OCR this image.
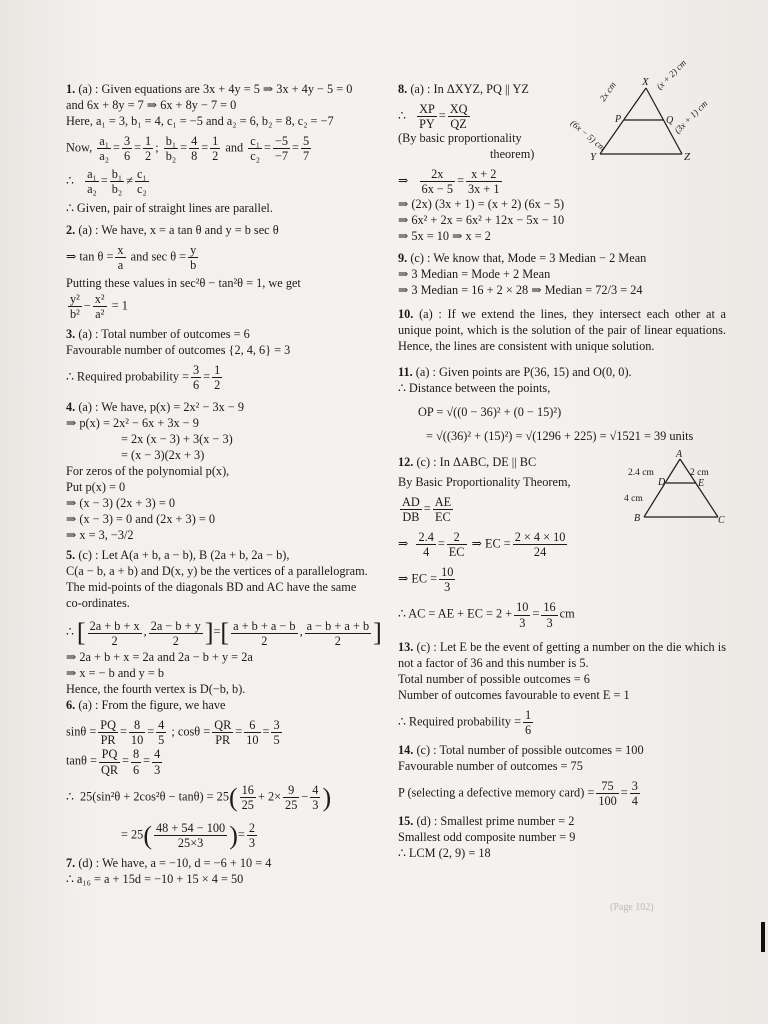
1. (a) : Given equations are 3x + 4y = 5 ⇒ 3x + 4y − 5 = 0
and 6x + 8y = 7 ⇒ 6x + 8y − 7 = 0
Here, a₁ = 3, b₁ = 4, c₁ = −5 and a₂ = 6, b₂ = 8, c₂ = −7
Now, $\frac{\text{a₁}}{\text{a₂}} = \frac{3}{6} = \frac{1}{2}$ ; $\frac{\text{b₁}}{\text{b₂}} = \frac{4}{8} = \frac{1}{2}$ and $\frac{\text{c₁}}{\text{c₂}} = \frac{-5}{-7} = \frac{5}{7}$
∴ $\frac{\text{a₁}}{\text{a₂}} = \frac{\text{b₁}}{\text{b₂}} \ne \frac{\text{c₁}}{\text{c₂}}$
∴ Given, pair of straight lines are parallel.
2. (a) : We have, x = a tan θ and y = b sec θ
⇒ $\tan \theta = \frac{x}{a}$ and $\sec \theta = \frac{y}{b}$
Putting these values in sec²θ − tan²θ = 1, we get
$\frac{\text{y²}}{\text{b²}} - \frac{\text{x²}}{\text{a²}} = 1$
3. (a) : Total number of outcomes = 6
Favourable number of outcomes {2, 4, 6} = 3
∴ Required probability = $\frac{3}{6} = \frac{1}{2}$
4. (a) : We have, p(x) = 2x² − 3x − 9
⇒ p(x) = 2x² − 6x + 3x − 9
= 2x (x − 3) + 3(x − 3)
= (x − 3)(2x + 3)
For zeros of the polynomial p(x),
Put p(x) = 0
⇒ (x − 3) (2x + 3) = 0
⇒ (x − 3) = 0 and (2x + 3) = 0
⇒ x = 3, −3/2
5. (c) : Let A(a + b, a − b), B (2a + b, 2a − b),
C(a − b, a + b) and D(x, y) be the vertices of a parallelogram.
The mid-points of the diagonals BD and AC have the same
co-ordinates.
∴ [ $\frac{2a + b + x}{2}$ , $\frac{2a - b + y}{2}$ ]=[ $\frac{a + b + a - b}{2}$ , $\frac{a - b + a + b}{2}$ ]
⇒ 2a + b + x = 2a and 2a − b + y = 2a
⇒ x = − b and y = b
Hence, the fourth vertex is D(−b, b).
6. (a) : From the figure, we have
$\sin\theta = \frac{PQ}{PR} = \frac{8}{10} = \frac{4}{5}$ ; $\cos\theta = \frac{QR}{PR} = \frac{6}{10} = \frac{3}{5}$
$\tan\theta = \frac{PQ}{QR} = \frac{8}{6} = \frac{4}{3}$
∴ $25(\sin^2\theta + 2\cos^2\theta - \tan\theta) = 25( \frac{16}{25} + 2\times \frac{9}{25} - \frac{4}{3}$ )
= $25( \frac{48 + 54 - 100}{25\times 3}$ )= $\frac{2}{3}$
7. (d) : We have, a = −10, d = −6 + 10 = 4
∴ a₁₆ = a + 15d = −10 + 15 × 4 = 50
8. (a) : In ΔXYZ, PQ || YZ
∴ $\frac{XP}{PY} = \frac{XQ}{QZ}$
(By basic proportionality
theorem)
⇒ $\frac{2x}{6x - 5} = \frac{x + 2}{3x + 1}$
⇒ (2x) (3x + 1) = (x + 2) (6x − 5)
⇒ 6x² + 2x = 6x² + 12x − 5x − 10
⇒ 5x = 10 ⇒ x = 2
X
Y	Z
P	Q
2x cm
(6x − 5) cm
(x + 2) cm
(3x + 1) cm
9. (c) : We know that, Mode = 3 Median − 2 Mean
⇒ 3 Median = Mode + 2 Mean
⇒ 3 Median = 16 + 2 × 28 ⇒ Median = 72/3 = 24
10. (a) : If we extend the lines, they intersect each other at a unique point, which is the solution of the pair of linear equations. Hence, the lines are consistent with unique solution.
11. (a) : Given points are P(36, 15) and O(0, 0).
∴ Distance between the points,
OP = √((0 − 36)² + (0 − 15)²)
= √((36)² + (15)²) = √(1296 + 225) = √1521 = 39 units
12. (c) : In ΔABC, DE || BC
By Basic Proportionality Theorem,
$\frac{AD}{DB} = \frac{AE}{EC}$
⇒ $\frac{2.4}{4} = \frac{2}{EC}$ ⇒ EC = $\frac{2 \times 4 \times 10}{24}$
⇒ EC = $\frac{10}{3}$
∴ AC = AE + EC = $2 + \frac{10}{3} = \frac{16}{3}$ cm
A
B	C
D	E
2.4 cm	2 cm
4 cm
13. (c) : Let E be the event of getting a number on the die which is not a factor of 36 and this number is 5.
Total number of possible outcomes = 6
Number of outcomes favourable to event E = 1
∴ Required probability = $\frac{1}{6}$
14. (c) : Total number of possible outcomes = 100
Favourable number of outcomes = 75
P (selecting a defective memory card) = $\frac{75}{100} = \frac{3}{4}$
15. (d) : Smallest prime number = 2
Smallest odd composite number = 9
∴ LCM (2, 9) = 18
(Page 102)
